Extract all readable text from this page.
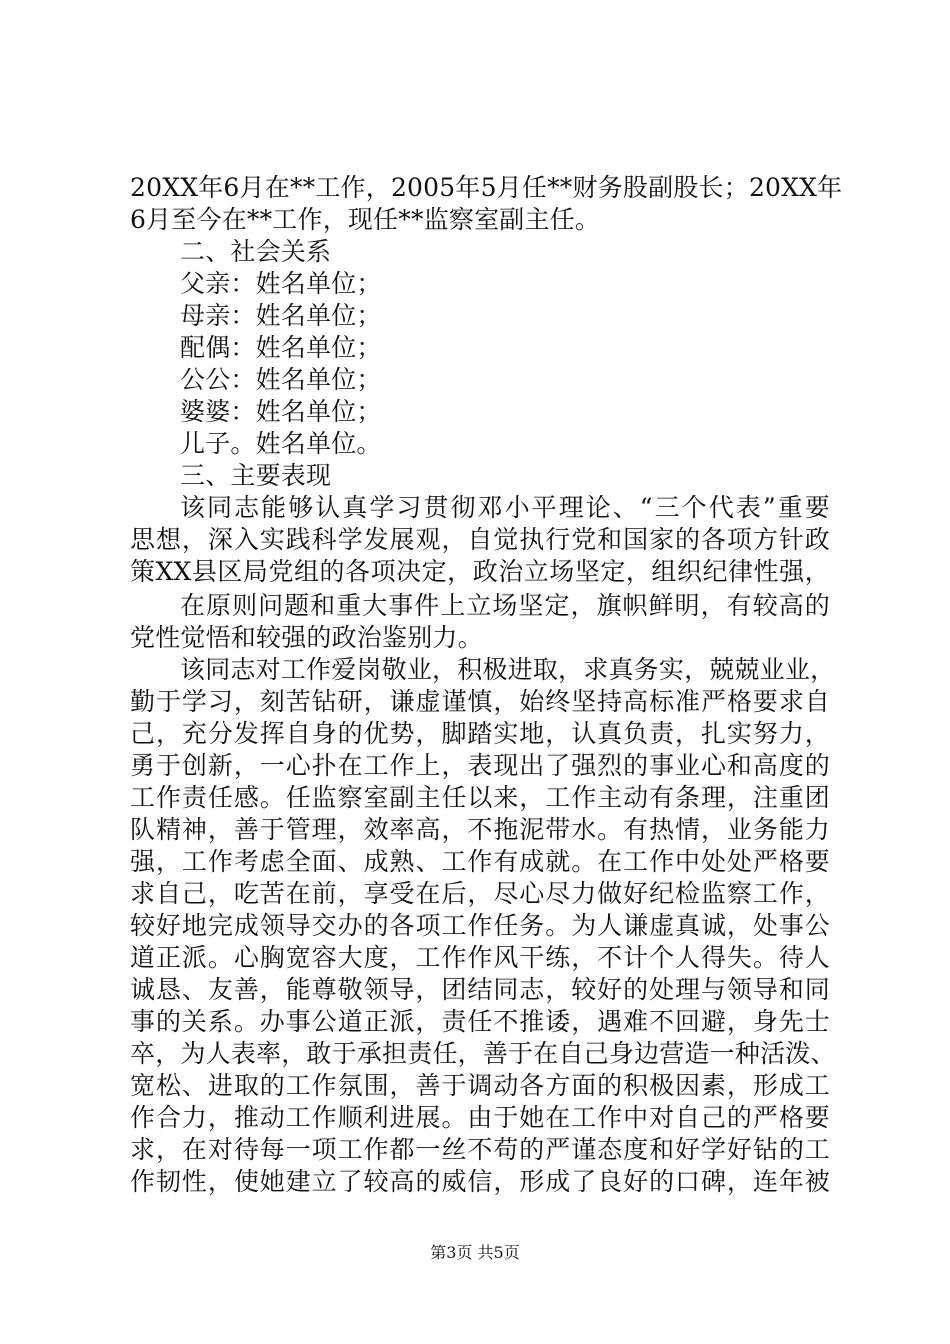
20XX 年 6 月 在 ** 工 作 ， 2005 年 5 月 任 ** 财 务 股 副 股 长 ； 20XX 年
6月至今在**工作，现任**监察室副主任。
二、社会关系
父亲：姓名单位；
母亲：姓名单位；
配偶：姓名单位；
公公：姓名单位；
婆婆：姓名单位；
儿子。姓名单位。
三、主要表现
该 同 志 能 够 认 真 学 习 贯 彻 邓 小 平 理 论 、 “ 三 个 代 表 ” 重 要
思 想 ， 深 入 实 践 科 学 发 展 观 ， 自 觉 执 行 党 和 国 家 的 各 项 方 针 政
策 XX 县 区 局 党 组 的 各 项 决 定 ， 政 治 立 场 坚 定 ， 组 织 纪 律 性 强 ，
在 原 则 问 题 和 重 大 事 件 上 立 场 坚 定 ， 旗 帜 鲜 明 ， 有 较 高 的
党性觉悟和较强的政治鉴别力。
该 同 志 对 工 作 爱 岗 敬 业 ， 积 极 进 取 ， 求 真 务 实 ， 兢 兢 业 业 ，
勤 于 学 习 ， 刻 苦 钻 研 ， 谦 虚 谨 慎 ， 始 终 坚 持 高 标 准 严 格 要 求 自
己 ， 充 分 发 挥 自 身 的 优 势 ， 脚 踏 实 地 ， 认 真 负 责 ， 扎 实 努 力 ，
勇 于 创 新 ， 一 心 扑 在 工 作 上 ， 表 现 出 了 强 烈 的 事 业 心 和 高 度 的
工 作 责 任 感 。 任 监 察 室 副 主 任 以 来 ， 工 作 主 动 有 条 理 ， 注 重 团
队 精 神 ， 善 于 管 理 ， 效 率 高 ， 不 拖 泥 带 水 。 有 热 情 ， 业 务 能 力
强 ， 工 作 考 虑 全 面 、 成 熟 、 工 作 有 成 就 。 在 工 作 中 处 处 严 格 要
求 自 己 ， 吃 苦 在 前 ， 享 受 在 后 ， 尽 心 尽 力 做 好 纪 检 监 察 工 作 ，
较 好 地 完 成 领 导 交 办 的 各 项 工 作 任 务 。 为 人 谦 虚 真 诚 ， 处 事 公
道 正 派 。 心 胸 宽 容 大 度 ， 工 作 作 风 干 练 ， 不 计 个 人 得 失 。 待 人
诚 恳 、 友 善 ， 能 尊 敬 领 导 ， 团 结 同 志 ， 较 好 的 处 理 与 领 导 和 同
事 的 关 系 。 办 事 公 道 正 派 ， 责 任 不 推 诿 ， 遇 难 不 回 避 ， 身 先 士
卒 ， 为 人 表 率 ， 敢 于 承 担 责 任 ， 善 于 在 自 己 身 边 营 造 一 种 活 泼 、
宽 松 、 进 取 的 工 作 氛 围 ， 善 于 调 动 各 方 面 的 积 极 因 素 ， 形 成 工
作 合 力 ， 推 动 工 作 顺 利 进 展 。 由 于 她 在 工 作 中 对 自 己 的 严 格 要
求 ， 在 对 待 每 一 项 工 作 都 一 丝 不 苟 的 严 谨 态 度 和 好 学 好 钻 的 工
作 韧 性 ， 使 她 建 立 了 较 高 的 威 信 ， 形 成 了 良 好 的 口 碑 ， 连 年 被
第3页 共5页
